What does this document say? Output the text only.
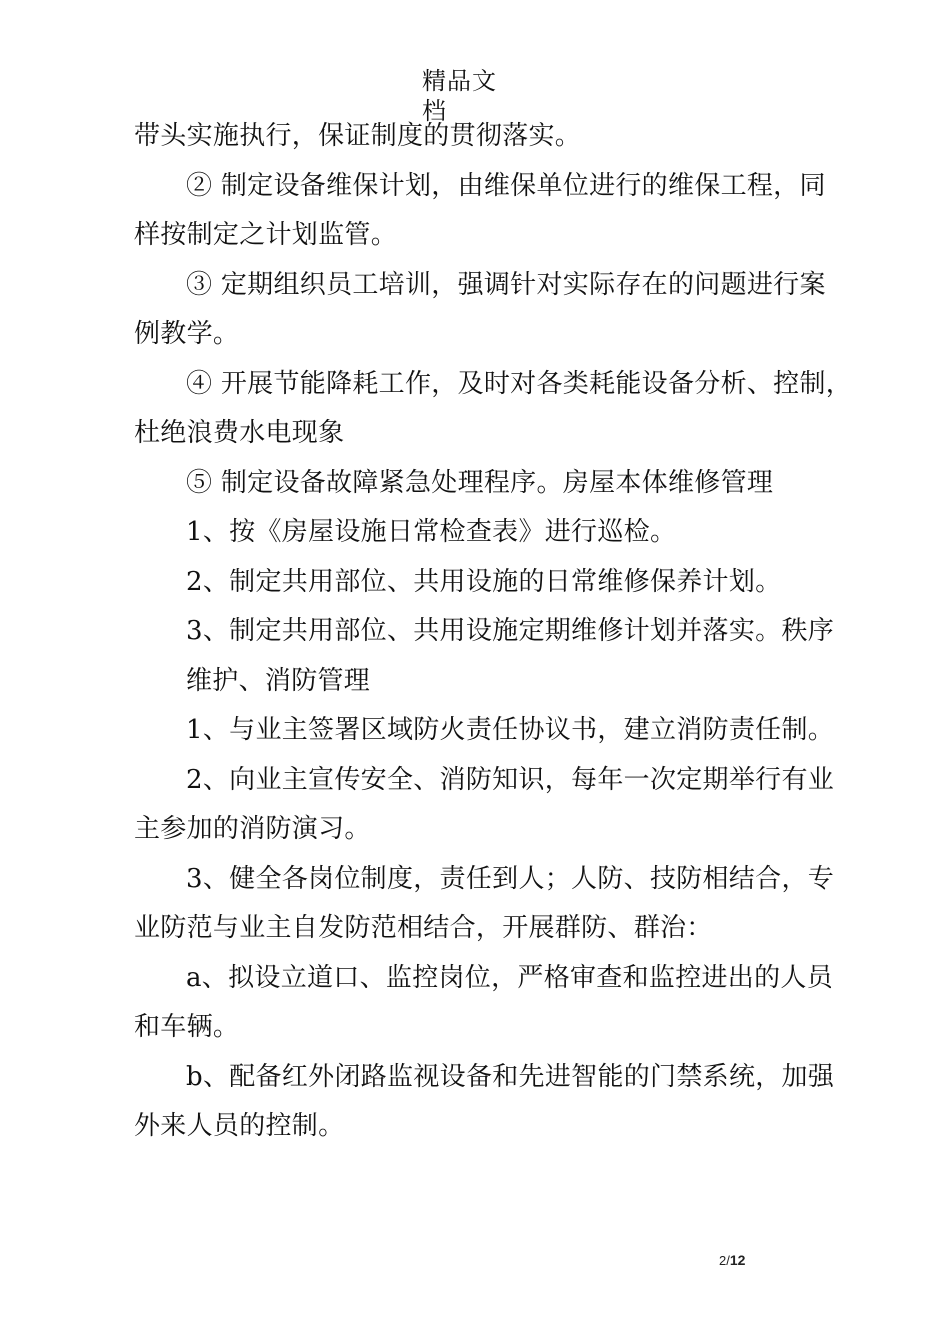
精品文档
带头实施执行，保证制度的贯彻落实。
② 制定设备维保计划，由维保单位进行的维保工程，同
样按制定之计划监管。
③ 定期组织员工培训，强调针对实际存在的问题进行案
例教学。
④ 开展节能降耗工作，及时对各类耗能设备分析、控制，
杜绝浪费水电现象
⑤ 制定设备故障紧急处理程序。房屋本体维修管理
1、按《房屋设施日常检查表》进行巡检。
2、制定共用部位、共用设施的日常维修保养计划。
3、制定共用部位、共用设施定期维修计划并落实。秩序
维护、消防管理
1、与业主签署区域防火责任协议书，建立消防责任制。
2、向业主宣传安全、消防知识，每年一次定期举行有业
主参加的消防演习。
3、健全各岗位制度，责任到人；人防、技防相结合，专
业防范与业主自发防范相结合，开展群防、群治：
a、拟设立道口、监控岗位，严格审查和监控进出的人员
和车辆。
b、配备红外闭路监视设备和先进智能的门禁系统，加强
外来人员的控制。
2/12
